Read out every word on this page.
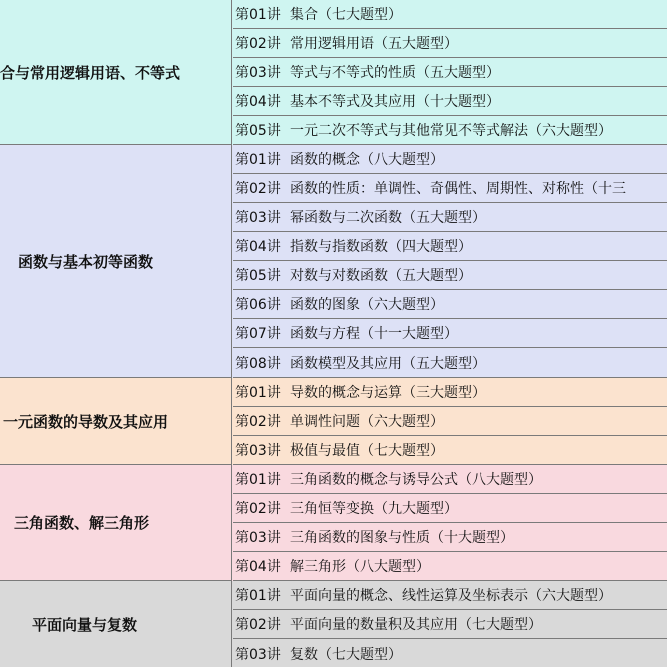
合与常用逻辑用语、不等式
第01讲 集合（七大题型）
第02讲 常用逻辑用语（五大题型）
第03讲 等式与不等式的性质（五大题型）
第04讲 基本不等式及其应用（十大题型）
第05讲 一元二次不等式与其他常见不等式解法（六大题型）
函数与基本初等函数
第01讲 函数的概念（八大题型）
第02讲 函数的性质：单调性、奇偶性、周期性、对称性（十三
第03讲 幂函数与二次函数（五大题型）
第04讲 指数与指数函数（四大题型）
第05讲 对数与对数函数（五大题型）
第06讲 函数的图象（六大题型）
第07讲 函数与方程（十一大题型）
第08讲 函数模型及其应用（五大题型）
一元函数的导数及其应用
第01讲 导数的概念与运算（三大题型）
第02讲 单调性问题（六大题型）
第03讲 极值与最值（七大题型）
三角函数、解三角形
第01讲 三角函数的概念与诱导公式（八大题型）
第02讲 三角恒等变换（九大题型）
第03讲 三角函数的图象与性质（十大题型）
第04讲 解三角形（八大题型）
平面向量与复数
第01讲 平面向量的概念、线性运算及坐标表示（六大题型）
第02讲 平面向量的数量积及其应用（七大题型）
第03讲 复数（七大题型）
